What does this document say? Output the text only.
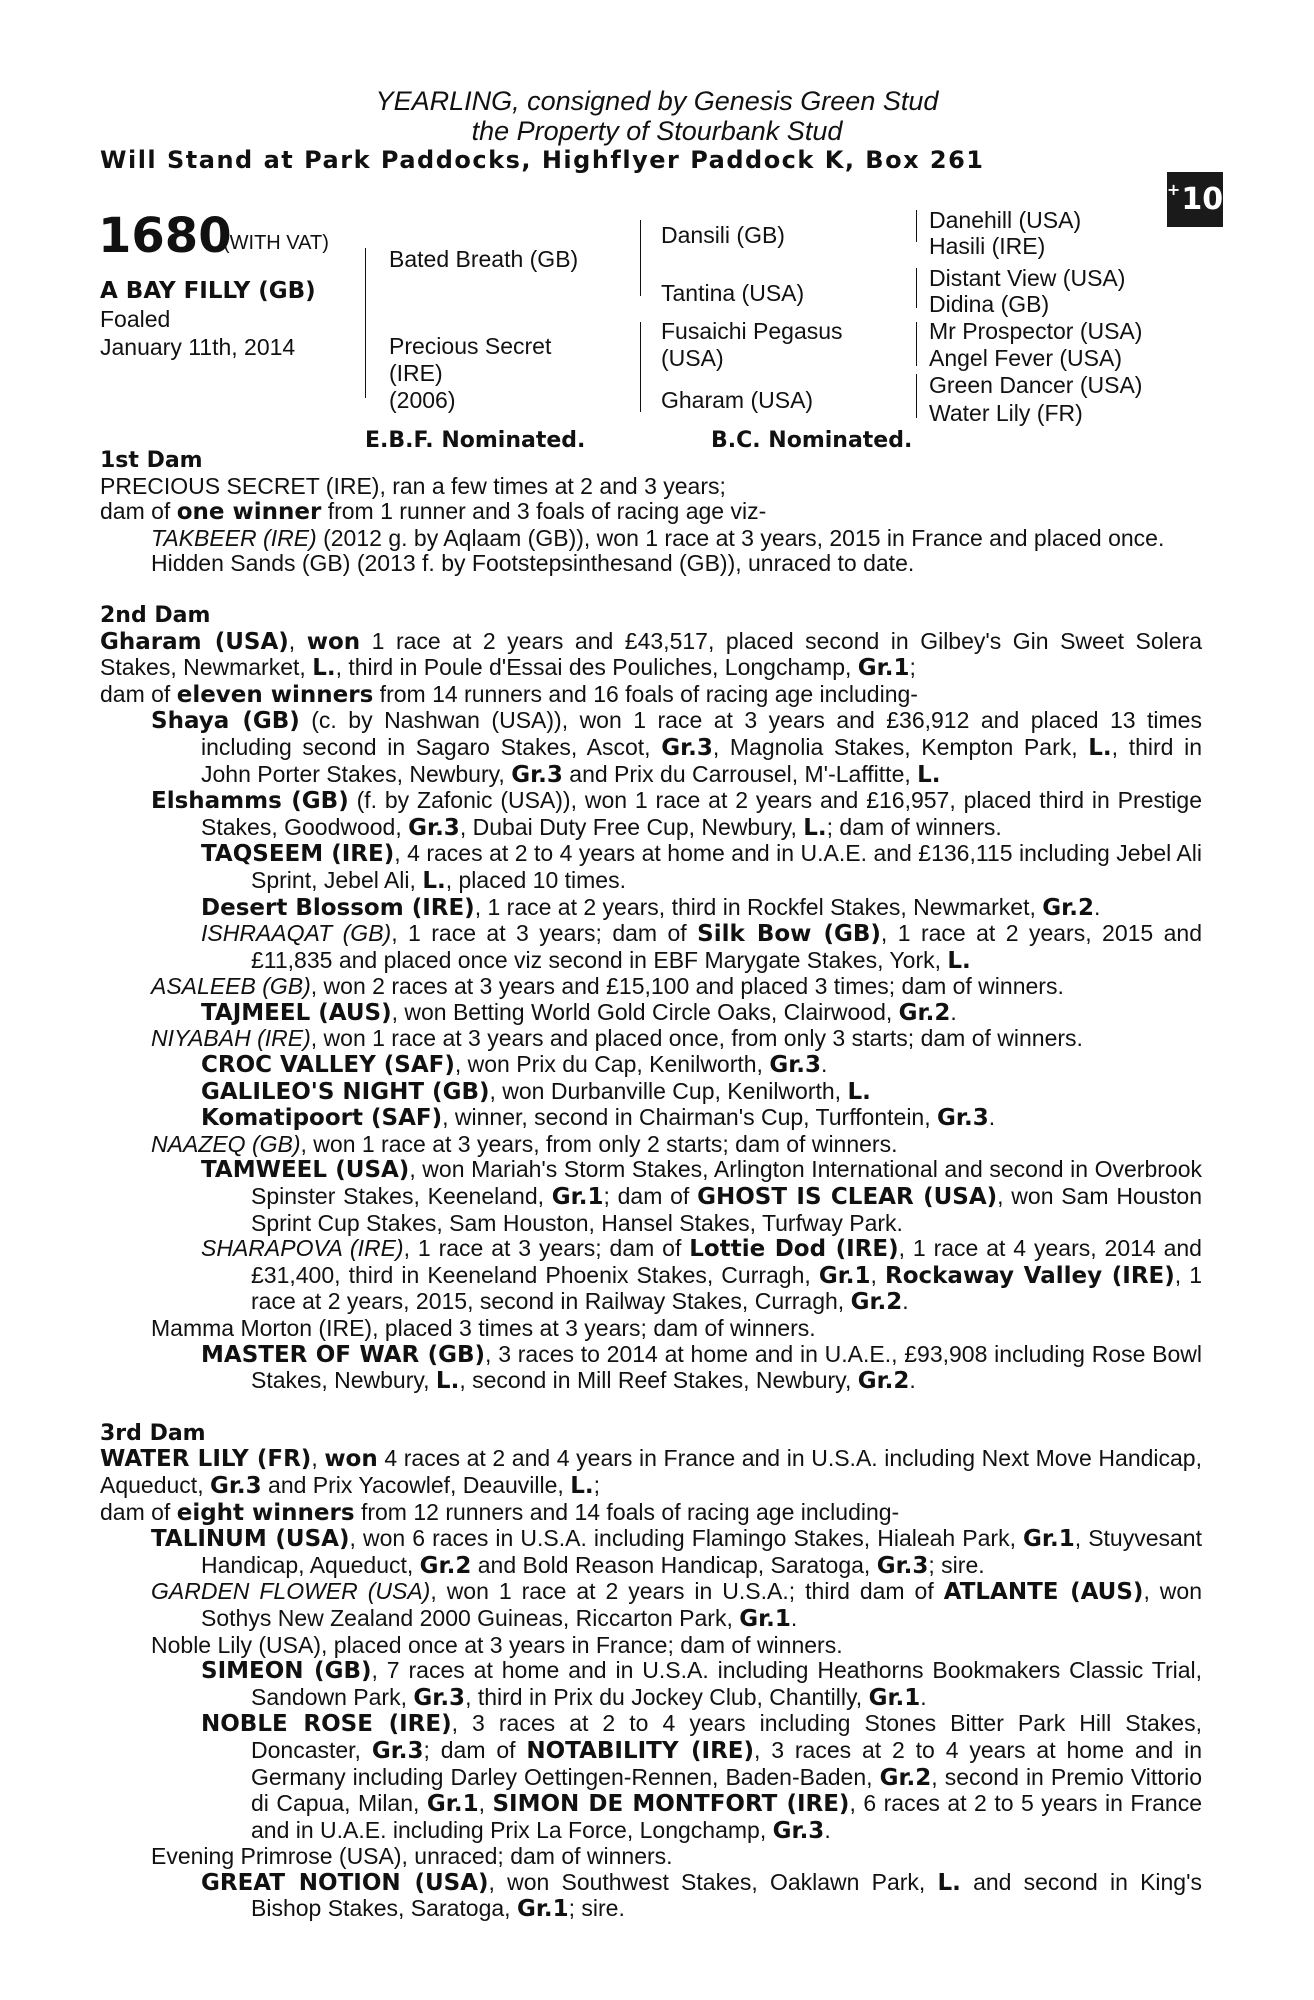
YEARLING, consigned by Genesis Green Stud
the Property of Stourbank Stud
Will Stand at Park Paddocks, Highflyer Paddock K, Box 261
+ 10
1680
(WITH VAT)
A BAY FILLY (GB)
Foaled
January 11th, 2014
Bated Breath (GB)
Precious Secret
(IRE)
(2006)
Dansili (GB)
Tantina (USA)
Fusaichi Pegasus
(USA)
Gharam (USA)
Danehill (USA)
Hasili (IRE)
Distant View (USA)
Didina (GB)
Mr Prospector (USA)
Angel Fever (USA)
Green Dancer (USA)
Water Lily (FR)
E.B.F. Nominated.	B.C. Nominated.

1st Dam

PRECIOUS SECRET (IRE), ran a few times at 2 and 3 years;

dam of one winner from 1 runner and 3 foals of racing age viz-

TAKBEER (IRE) (2012 g. by Aqlaam (GB)), won 1 race at 3 years, 2015 in France and placed once.

Hidden Sands (GB) (2013 f. by Footstepsinthesand (GB)), unraced to date.

2nd Dam

Gharam (USA), won 1 race at 2 years and £43,517, placed second in Gilbey's Gin Sweet Solera Stakes, Newmarket, L., third in Poule d'Essai des Pouliches, Longchamp, Gr.1;

dam of eleven winners from 14 runners and 16 foals of racing age including-

Shaya (GB) (c. by Nashwan (USA)), won 1 race at 3 years and £36,912 and placed 13 times including second in Sagaro Stakes, Ascot, Gr.3, Magnolia Stakes, Kempton Park, L., third in John Porter Stakes, Newbury, Gr.3 and Prix du Carrousel, M'-Laffitte, L.

Elshamms (GB) (f. by Zafonic (USA)), won 1 race at 2 years and £16,957, placed third in Prestige Stakes, Goodwood, Gr.3, Dubai Duty Free Cup, Newbury, L.; dam of winners.

TAQSEEM (IRE), 4 races at 2 to 4 years at home and in U.A.E. and £136,115 including Jebel Ali Sprint, Jebel Ali, L., placed 10 times.

Desert Blossom (IRE), 1 race at 2 years, third in Rockfel Stakes, Newmarket, Gr.2.

ISHRAAQAT (GB), 1 race at 3 years; dam of Silk Bow (GB), 1 race at 2 years, 2015 and £11,835 and placed once viz second in EBF Marygate Stakes, York, L.

ASALEEB (GB), won 2 races at 3 years and £15,100 and placed 3 times; dam of winners.

TAJMEEL (AUS), won Betting World Gold Circle Oaks, Clairwood, Gr.2.

NIYABAH (IRE), won 1 race at 3 years and placed once, from only 3 starts; dam of winners.

CROC VALLEY (SAF), won Prix du Cap, Kenilworth, Gr.3.

GALILEO'S NIGHT (GB), won Durbanville Cup, Kenilworth, L.

Komatipoort (SAF), winner, second in Chairman's Cup, Turffontein, Gr.3.

NAAZEQ (GB), won 1 race at 3 years, from only 2 starts; dam of winners.

TAMWEEL (USA), won Mariah's Storm Stakes, Arlington International and second in Overbrook Spinster Stakes, Keeneland, Gr.1; dam of GHOST IS CLEAR (USA), won Sam Houston Sprint Cup Stakes, Sam Houston, Hansel Stakes, Turfway Park.

SHARAPOVA (IRE), 1 race at 3 years; dam of Lottie Dod (IRE), 1 race at 4 years, 2014 and £31,400, third in Keeneland Phoenix Stakes, Curragh, Gr.1, Rockaway Valley (IRE), 1 race at 2 years, 2015, second in Railway Stakes, Curragh, Gr.2.

Mamma Morton (IRE), placed 3 times at 3 years; dam of winners.

MASTER OF WAR (GB), 3 races to 2014 at home and in U.A.E., £93,908 including Rose Bowl Stakes, Newbury, L., second in Mill Reef Stakes, Newbury, Gr.2.

3rd Dam

WATER LILY (FR), won 4 races at 2 and 4 years in France and in U.S.A. including Next Move Handicap, Aqueduct, Gr.3 and Prix Yacowlef, Deauville, L.;

dam of eight winners from 12 runners and 14 foals of racing age including-

TALINUM (USA), won 6 races in U.S.A. including Flamingo Stakes, Hialeah Park, Gr.1, Stuyvesant Handicap, Aqueduct, Gr.2 and Bold Reason Handicap, Saratoga, Gr.3; sire.

GARDEN FLOWER (USA), won 1 race at 2 years in U.S.A.; third dam of ATLANTE (AUS), won Sothys New Zealand 2000 Guineas, Riccarton Park, Gr.1.

Noble Lily (USA), placed once at 3 years in France; dam of winners.

SIMEON (GB), 7 races at home and in U.S.A. including Heathorns Bookmakers Classic Trial, Sandown Park, Gr.3, third in Prix du Jockey Club, Chantilly, Gr.1.

NOBLE ROSE (IRE), 3 races at 2 to 4 years including Stones Bitter Park Hill Stakes, Doncaster, Gr.3; dam of NOTABILITY (IRE), 3 races at 2 to 4 years at home and in Germany including Darley Oettingen-Rennen, Baden-Baden, Gr.2, second in Premio Vittorio di Capua, Milan, Gr.1, SIMON DE MONTFORT (IRE), 6 races at 2 to 5 years in France and in U.A.E. including Prix La Force, Longchamp, Gr.3.

Evening Primrose (USA), unraced; dam of winners.

GREAT NOTION (USA), won Southwest Stakes, Oaklawn Park, L. and second in King's Bishop Stakes, Saratoga, Gr.1; sire.
